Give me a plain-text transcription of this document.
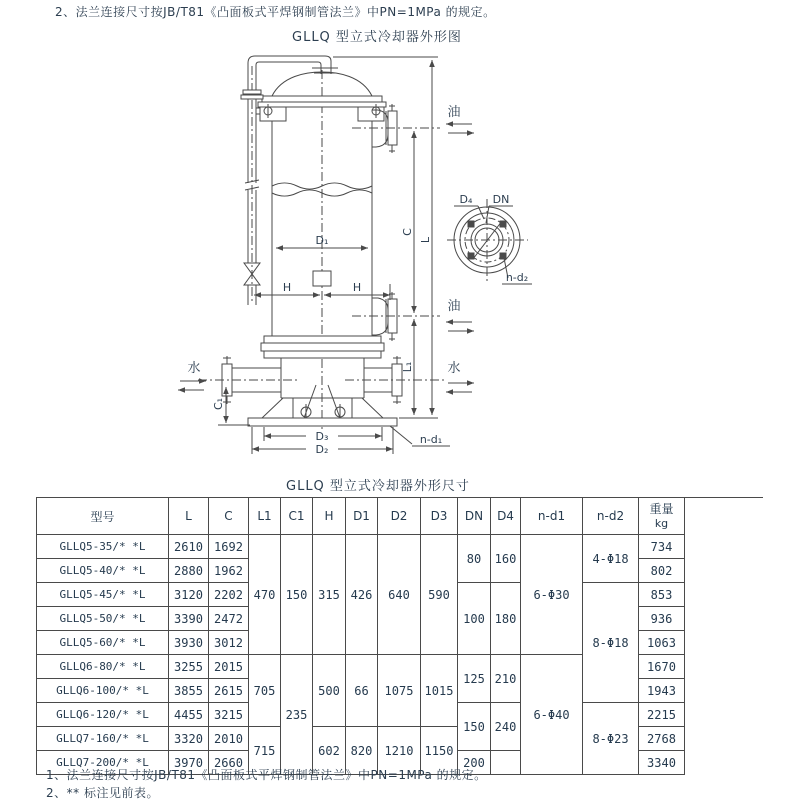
2、法兰连接尺寸按JB/T81《凸面板式平焊钢制管法兰》中PN=1MPa 的规定。
GLLQ 型立式冷却器外形图
油
油
水
水
C
L₁
L
C₁
H	H
D₁
D₃
D₂
n-d₁
D₄ DN
n-d₂
GLLQ 型立式冷却器外形尺寸
型号	L	C	L1	C1	H	D1	D2	D3	DN	D4	n-d1	n-d2	重量
kg

GLLQ5-35/* *L	2610	1692	470	150	315	426	640	590	80	160	6-Φ30	4-Φ18	734
GLLQ5-40/* *L	2880	1962											802
GLLQ5-45/* *L	3120	2202							100	180		8-Φ18	853
GLLQ5-50/* *L	3390	2472											936
GLLQ5-60/* *L	3930	3012											1063
GLLQ6-80/* *L	3255	2015	705	235	500	66	1075	1015	125	210	6-Φ40		1670
GLLQ6-100/* *L	3855	2615											1943
GLLQ6-120/* *L	4455	3215							150	240		8-Φ23	2215
GLLQ7-160/* *L	3320	2010	715		602	820	1210	1150					2768
GLLQ7-200/* *L	3970	2660							200				3340
1、法兰连接尺寸按JB/T81《凸面板式平焊钢制管法兰》中PN=1MPa 的规定。
2、** 标注见前表。
